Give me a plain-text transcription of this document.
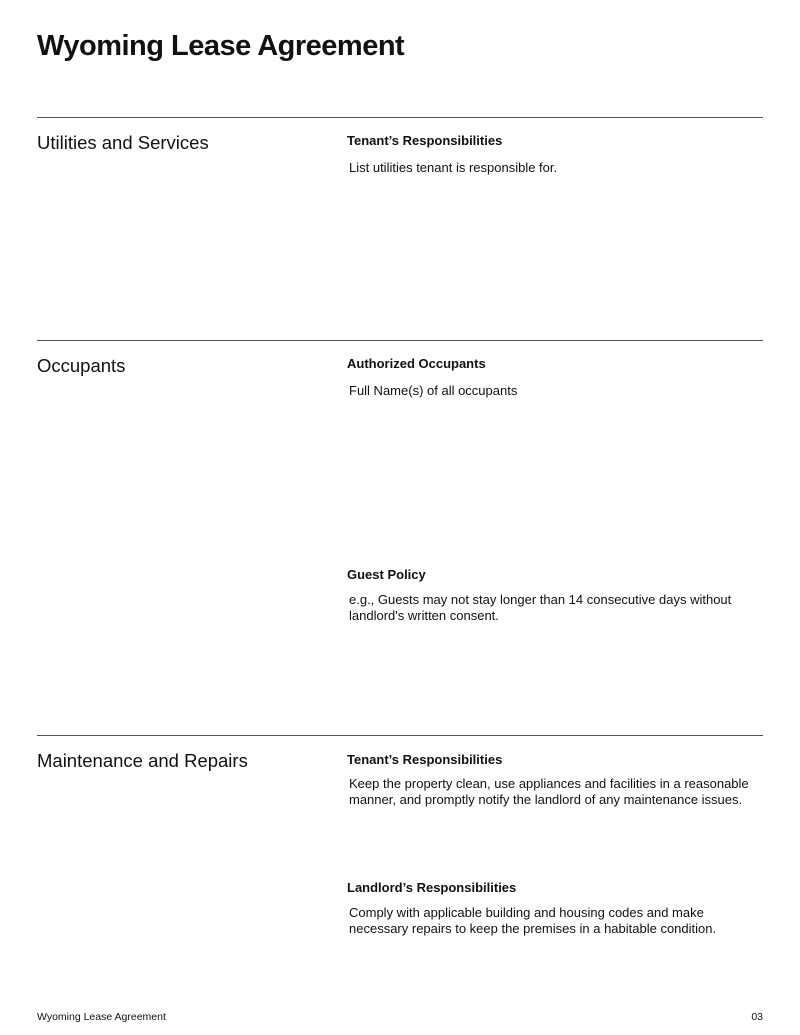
Wyoming Lease Agreement
Utilities and Services	Tenant’s Responsibilities
List utilities tenant is responsible for.
Occupants	Authorized Occupants
Full Name(s) of all occupants
Guest Policy
e.g., Guests may not stay longer than 14 consecutive days without landlord's written consent.
Maintenance and Repairs	Tenant’s Responsibilities
Keep the property clean, use appliances and facilities in a reasonable manner, and promptly notify the landlord of any maintenance issues.
Landlord’s Responsibilities
Comply with applicable building and housing codes and make necessary repairs to keep the premises in a habitable condition.
Wyoming Lease Agreement	03
